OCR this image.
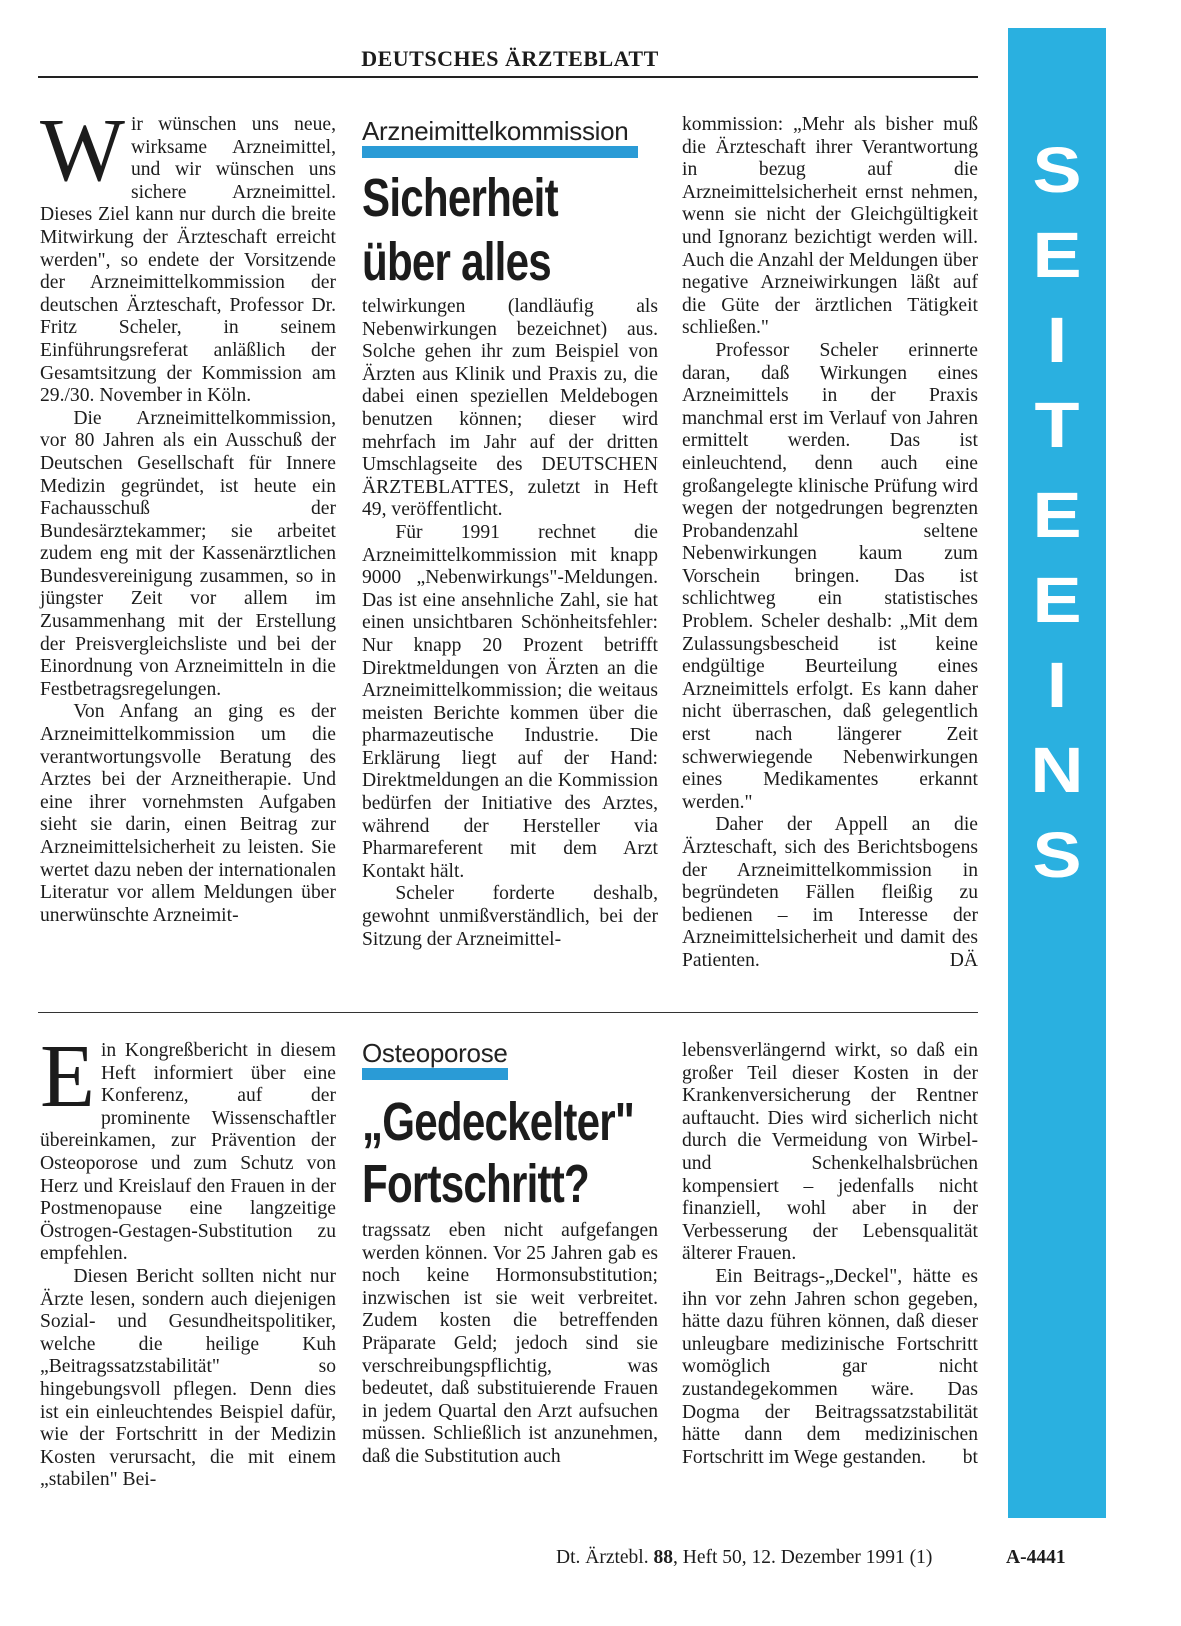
DEUTSCHES ÄRZTEBLATT
S
E
I
T
E
E
I
N
S

Wir wünschen uns neue, wirksame Arzneimittel, und wir wünschen uns sichere Arzneimittel. Dieses Ziel kann nur durch die breite Mitwirkung der Ärzteschaft erreicht werden", so endete der Vorsitzende der Arzneimittelkommission der deutschen Ärzteschaft, Professor Dr. Fritz Scheler, in seinem Einführungsreferat anläßlich der Gesamtsitzung der Kommission am 29./30. November in Köln.

Die Arzneimittelkommission, vor 80 Jahren als ein Ausschuß der Deutschen Gesellschaft für Innere Medizin gegründet, ist heute ein Fachausschuß der Bundesärztekammer; sie arbeitet zudem eng mit der Kassenärztlichen Bundesvereinigung zusammen, so in jüngster Zeit vor allem im Zusammenhang mit der Erstellung der Preisvergleichsliste und bei der Einordnung von Arzneimitteln in die Festbetragsregelungen.

Von Anfang an ging es der Arzneimittelkommission um die verantwortungsvolle Beratung des Arztes bei der Arzneitherapie. Und eine ihrer vornehmsten Aufgaben sieht sie darin, einen Beitrag zur Arzneimittelsicherheit zu leisten. Sie wertet dazu neben der internationalen Literatur vor allem Meldungen über unerwünschte Arzneimit-

Arzneimittelkommission
Sicherheit
über alles

telwirkungen (landläufig als Nebenwirkungen bezeichnet) aus. Solche gehen ihr zum Beispiel von Ärzten aus Klinik und Praxis zu, die dabei einen speziellen Meldebogen benutzen können; dieser wird mehrfach im Jahr auf der dritten Umschlagseite des DEUTSCHEN ÄRZTEBLATTES, zuletzt in Heft 49, veröffentlicht.

Für 1991 rechnet die Arzneimittelkommission mit knapp 9000 „Nebenwirkungs"-Meldungen. Das ist eine ansehnliche Zahl, sie hat einen unsichtbaren Schönheitsfehler: Nur knapp 20 Prozent betrifft Direktmeldungen von Ärzten an die Arzneimittelkommission; die weitaus meisten Berichte kommen über die pharmazeutische Industrie. Die Erklärung liegt auf der Hand: Direktmeldungen an die Kommission bedürfen der Initiative des Arztes, während der Hersteller via Pharmareferent mit dem Arzt Kontakt hält.

Scheler forderte deshalb, gewohnt unmißverständlich, bei der Sitzung der Arzneimittel-

kommission: „Mehr als bisher muß die Ärzteschaft ihrer Verantwortung in bezug auf die Arzneimittelsicherheit ernst nehmen, wenn sie nicht der Gleichgültigkeit und Ignoranz bezichtigt werden will. Auch die Anzahl der Meldungen über negative Arzneiwirkungen läßt auf die Güte der ärztlichen Tätigkeit schließen."

Professor Scheler erinnerte daran, daß Wirkungen eines Arzneimittels in der Praxis manchmal erst im Verlauf von Jahren ermittelt werden. Das ist einleuchtend, denn auch eine großangelegte klinische Prüfung wird wegen der notgedrungen begrenzten Probandenzahl seltene Nebenwirkungen kaum zum Vorschein bringen. Das ist schlichtweg ein statistisches Problem. Scheler deshalb: „Mit dem Zulassungsbescheid ist keine endgültige Beurteilung eines Arzneimittels erfolgt. Es kann daher nicht überraschen, daß gelegentlich erst nach längerer Zeit schwerwiegende Nebenwirkungen eines Medikamentes erkannt werden."

Daher der Appell an die Ärzteschaft, sich des Berichtsbogens der Arzneimittelkommission in begründeten Fällen fleißig zu bedienen – im Interesse der Arzneimittelsicherheit und damit des Patienten.	DÄ

Ein Kongreßbericht in diesem Heft informiert über eine Konferenz, auf der prominente Wissenschaftler übereinkamen, zur Prävention der Osteoporose und zum Schutz von Herz und Kreislauf den Frauen in der Postmenopause eine langzeitige Östrogen-Gestagen-Substitution zu empfehlen.

Diesen Bericht sollten nicht nur Ärzte lesen, sondern auch diejenigen Sozial- und Gesundheitspolitiker, welche die heilige Kuh „Beitragssatzstabilität" so hingebungsvoll pflegen. Denn dies ist ein einleuchtendes Beispiel dafür, wie der Fortschritt in der Medizin Kosten verursacht, die mit einem „stabilen" Bei-

Osteoporose
„Gedeckelter"
Fortschritt?

tragssatz eben nicht aufgefangen werden können. Vor 25 Jahren gab es noch keine Hormonsubstitution; inzwischen ist sie weit verbreitet. Zudem kosten die betreffenden Präparate Geld; jedoch sind sie verschreibungspflichtig, was bedeutet, daß substituierende Frauen in jedem Quartal den Arzt aufsuchen müssen. Schließlich ist anzunehmen, daß die Substitution auch

lebensverlängernd wirkt, so daß ein großer Teil dieser Kosten in der Krankenversicherung der Rentner auftaucht. Dies wird sicherlich nicht durch die Vermeidung von Wirbel- und Schenkelhalsbrüchen kompensiert – jedenfalls nicht finanziell, wohl aber in der Verbesserung der Lebensqualität älterer Frauen.

Ein Beitrags-„Deckel", hätte es ihn vor zehn Jahren schon gegeben, hätte dazu führen können, daß dieser unleugbare medizinische Fortschritt womöglich gar nicht zustandegekommen wäre. Das Dogma der Beitragssatzstabilität hätte dann dem medizinischen Fortschritt im Wege gestanden.	bt

Dt. Ärztebl. 88, Heft 50, 12. Dezember 1991 (1)	A-4441
